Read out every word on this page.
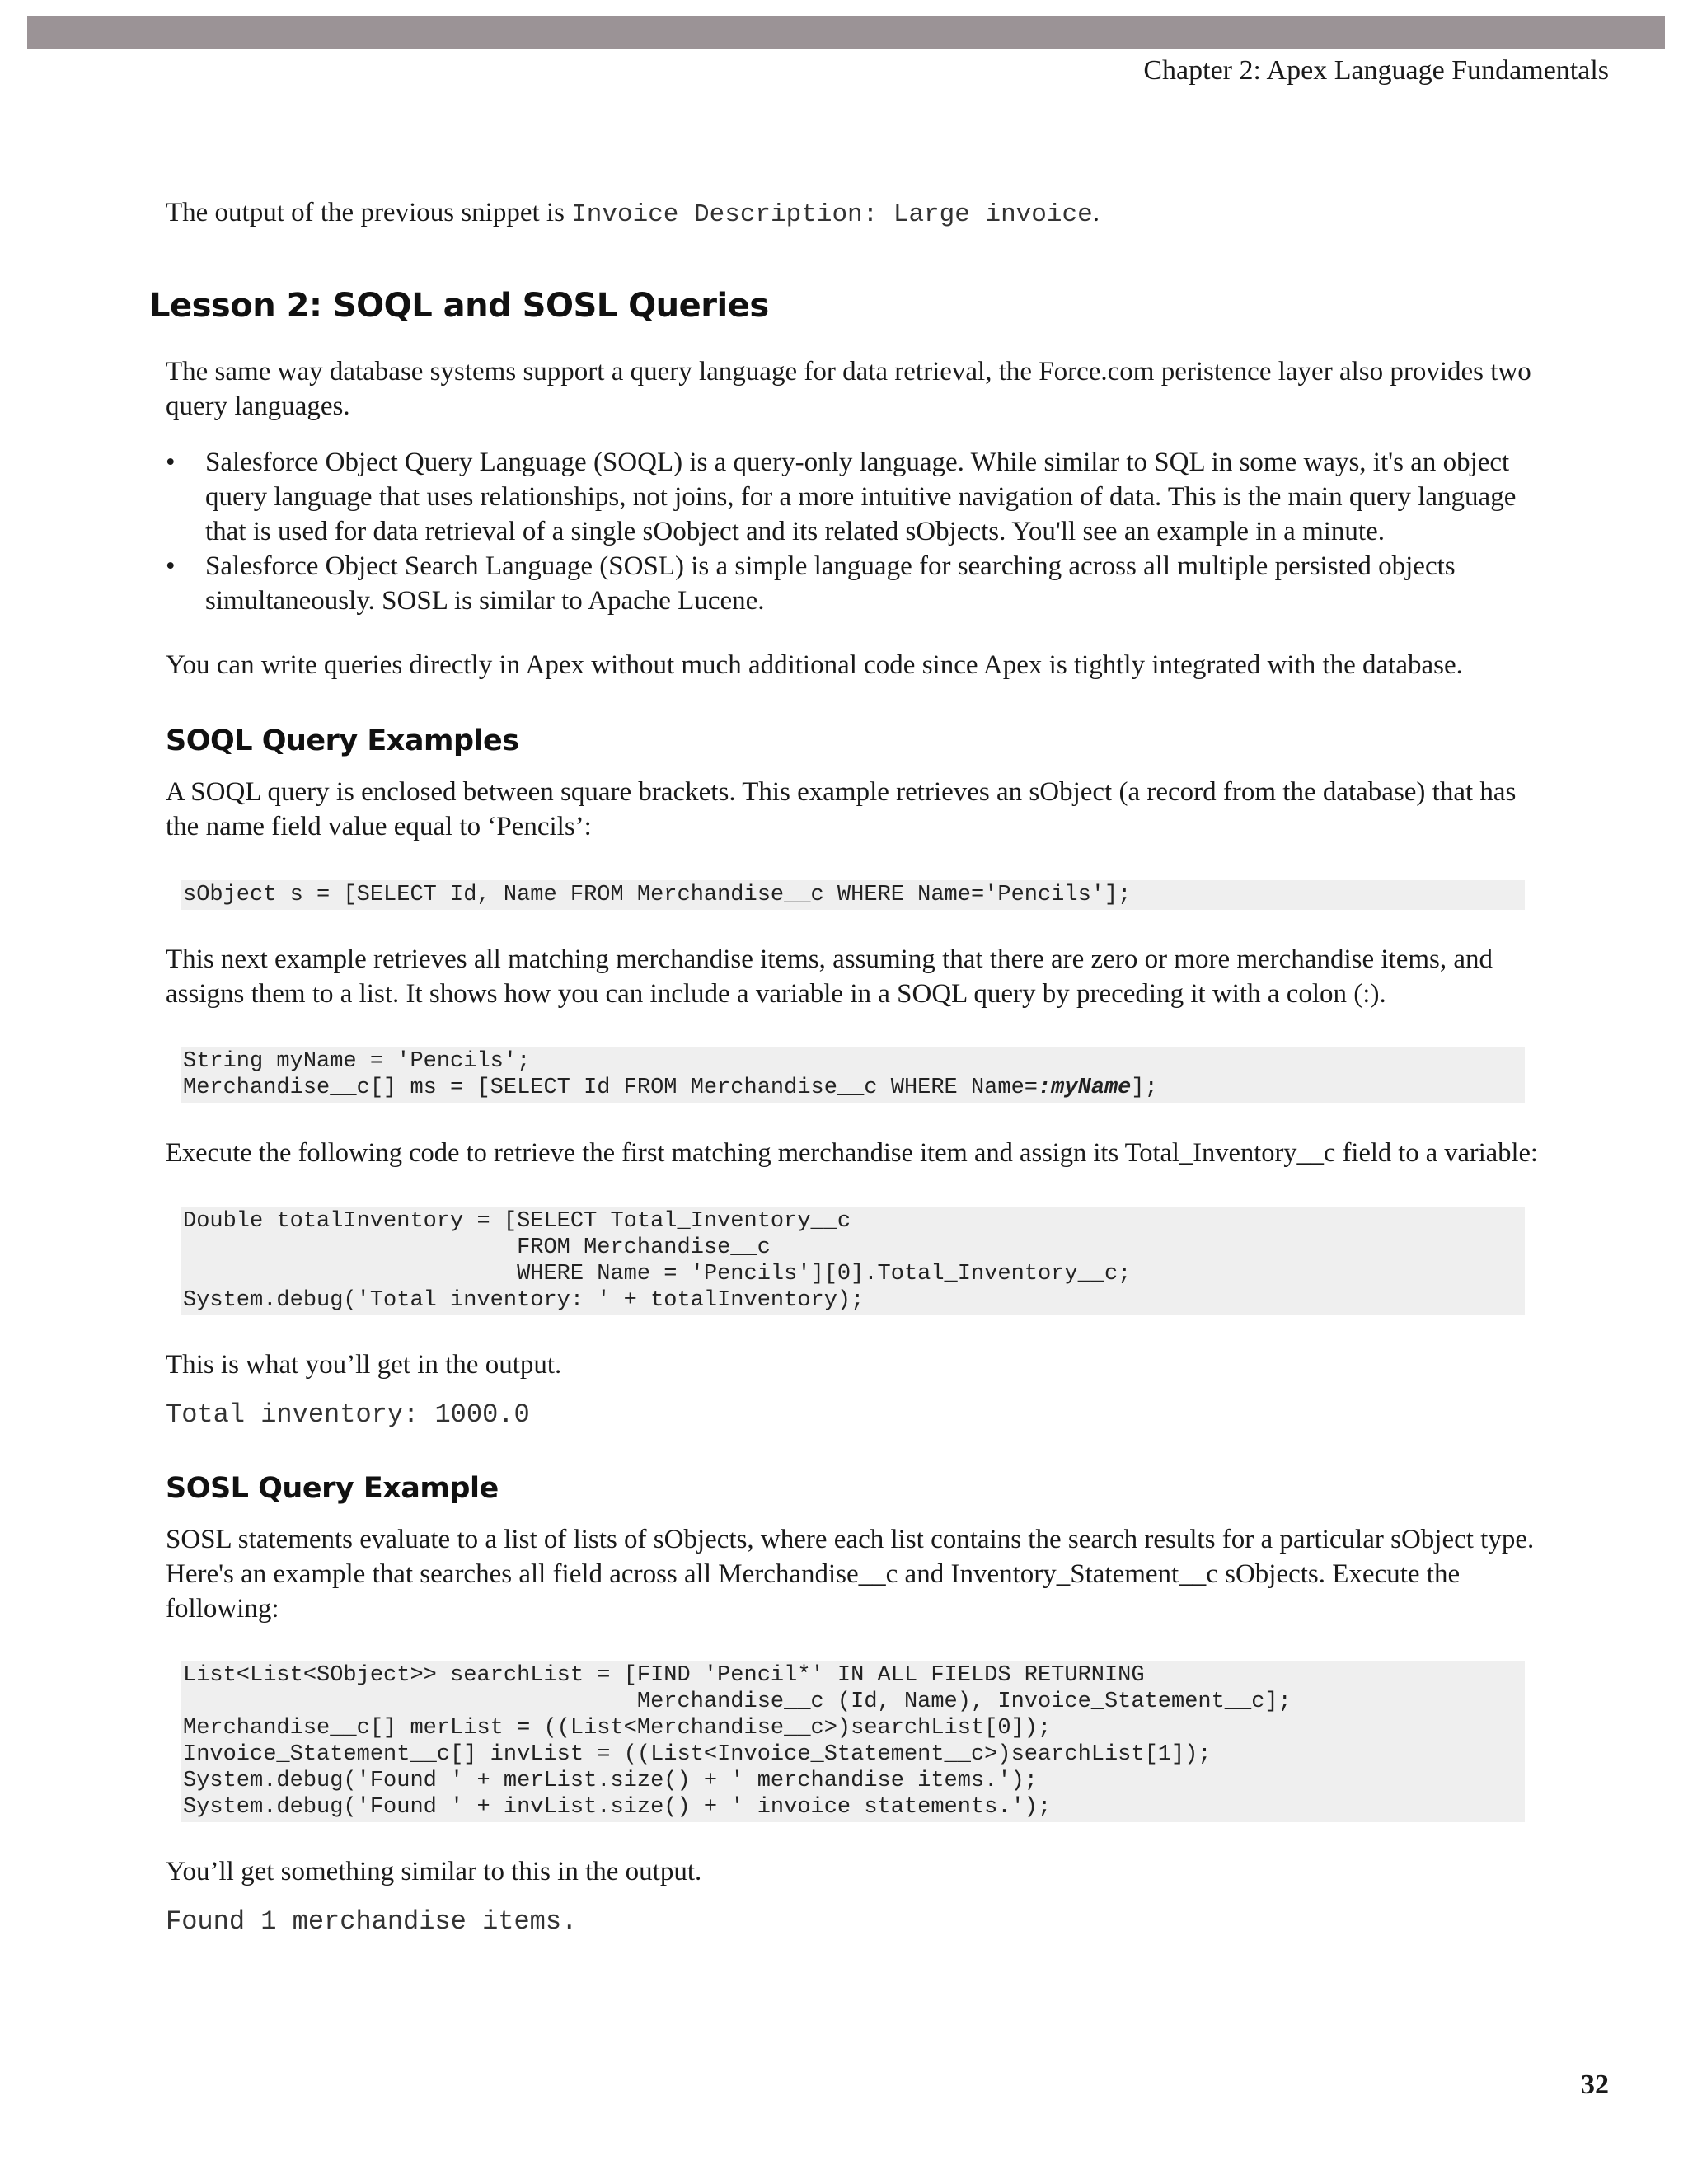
Chapter 2: Apex Language Fundamentals

The output of the previous snippet is Invoice Description: Large invoice.

Lesson 2: SOQL and SOSL Queries

The same way database systems support a query language for data retrieval, the Force.com peristence layer also provides two
query languages.

• Salesforce Object Query Language (SOQL) is a query-only language. While similar to SQL in some ways, it's an object
query language that uses relationships, not joins, for a more intuitive navigation of data. This is the main query language
that is used for data retrieval of a single sOobject and its related sObjects. You'll see an example in a minute.
• Salesforce Object Search Language (SOSL) is a simple language for searching across all multiple persisted objects
simultaneously. SOSL is similar to Apache Lucene.

You can write queries directly in Apex without much additional code since Apex is tightly integrated with the database.

SOQL Query Examples

A SOQL query is enclosed between square brackets. This example retrieves an sObject (a record from the database) that has
the name field value equal to ‘Pencils’:

sObject s = [SELECT Id, Name FROM Merchandise__c WHERE Name='Pencils'];

This next example retrieves all matching merchandise items, assuming that there are zero or more merchandise items, and
assigns them to a list. It shows how you can include a variable in a SOQL query by preceding it with a colon (:).

String myName = 'Pencils';
Merchandise__c[] ms = [SELECT Id FROM Merchandise__c WHERE Name=:myName];

Execute the following code to retrieve the first matching merchandise item and assign its Total_Inventory__c field to a variable:

Double totalInventory = [SELECT Total_Inventory__c
FROM Merchandise__c
WHERE Name = 'Pencils'][0].Total_Inventory__c;
System.debug('Total inventory: ' + totalInventory);

This is what you’ll get in the output.

Total inventory: 1000.0
SOSL Query Example

SOSL statements evaluate to a list of lists of sObjects, where each list contains the search results for a particular sObject type.
Here's an example that searches all field across all Merchandise__c and Inventory_Statement__c sObjects. Execute the
following:

List<List<SObject>> searchList = [FIND 'Pencil*' IN ALL FIELDS RETURNING
Merchandise__c (Id, Name), Invoice_Statement__c];
Merchandise__c[] merList = ((List<Merchandise__c>)searchList[0]);
Invoice_Statement__c[] invList = ((List<Invoice_Statement__c>)searchList[1]);
System.debug('Found ' + merList.size() + ' merchandise items.');
System.debug('Found ' + invList.size() + ' invoice statements.');

You’ll get something similar to this in the output.

Found 1 merchandise items.
32
